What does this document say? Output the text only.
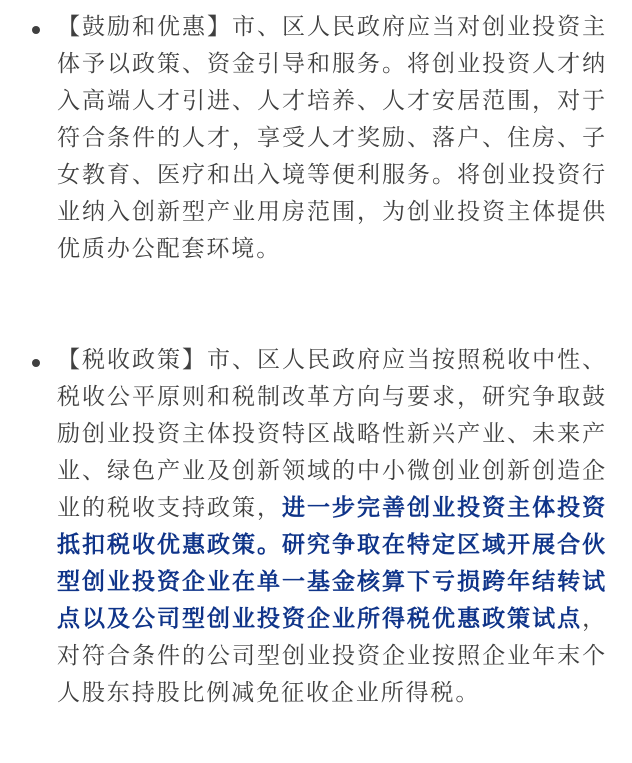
【鼓励和优惠】市、区人民政府应当对创业投资主体予以政策、资金引导和服务。将创业投资人才纳入高端人才引进、人才培养、人才安居范围，对于符合条件的人才，享受人才奖励、落户、住房、子女教育、医疗和出入境等便利服务。将创业投资行业纳入创新型产业用房范围，为创业投资主体提供优质办公配套环境。

【税收政策】市、区人民政府应当按照税收中性、税收公平原则和税制改革方向与要求，研究争取鼓励创业投资主体投资特区战略性新兴产业、未来产业、绿色产业及创新领域的中小微创业创新创造企业的税收支持政策，进一步完善创业投资主体投资抵扣税收优惠政策。研究争取在特定区域开展合伙型创业投资企业在单一基金核算下亏损跨年结转试点以及公司型创业投资企业所得税优惠政策试点，对符合条件的公司型创业投资企业按照企业年末个人股东持股比例减免征收企业所得税。
